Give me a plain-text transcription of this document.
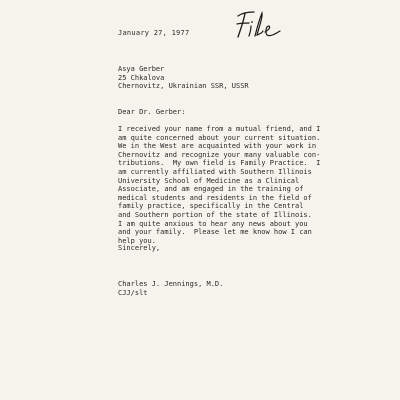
January 27, 1977
Asya Gerber
25 Chkalova
Chernovitz, Ukrainian SSR, USSR
Dear Dr. Gerber:
I received your name from a mutual friend, and I
am quite concerned about your current situation.
We in the West are acquainted with your work in
Chernovitz and recognize your many valuable con-
tributions.  My own field is Family Practice.  I
am currently affiliated with Southern Illinois
University School of Medicine as a Clinical
Associate, and am engaged in the training of
medical students and residents in the field of
family practice, specifically in the Central
and Southern portion of the state of Illinois.
I am quite anxious to hear any news about you
and your family.  Please let me know how I can
help you.
Sincerely,
Charles J. Jennings, M.D.
CJJ/slt
